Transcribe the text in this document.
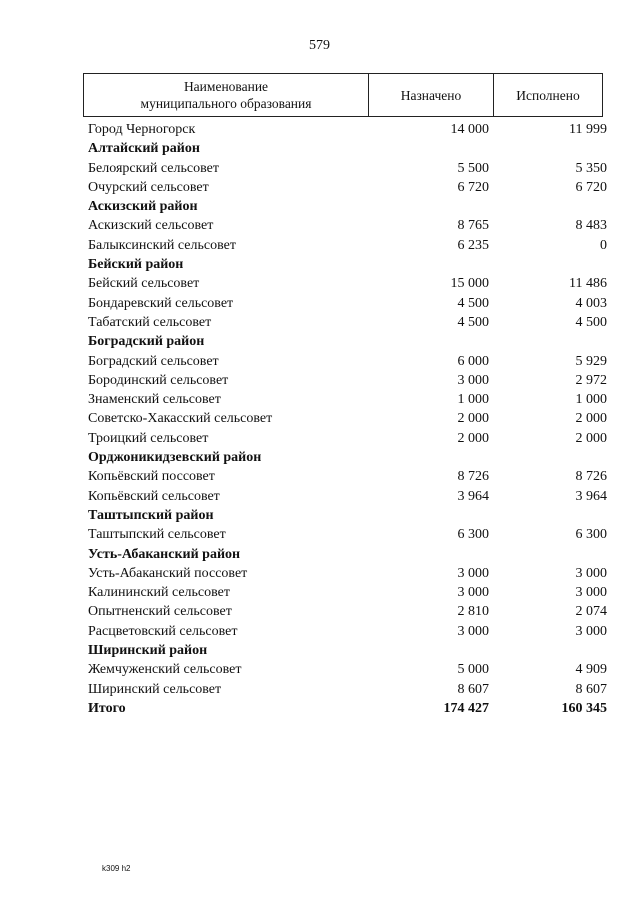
579
Наименование
муниципального образования
Назначено	Исполнено
Город Черногорск	14 000	11 999
Алтайский район
Белоярский сельсовет	5 500	5 350
Очурский сельсовет	6 720	6 720
Аскизский район
Аскизский сельсовет	8 765	8 483
Балыксинский сельсовет	6 235	0
Бейский район
Бейский сельсовет	15 000	11 486
Бондаревский сельсовет	4 500	4 003
Табатский сельсовет	4 500	4 500
Боградский район
Боградский сельсовет	6 000	5 929
Бородинский сельсовет	3 000	2 972
Знаменский сельсовет	1 000	1 000
Советско-Хакасский сельсовет	2 000	2 000
Троицкий сельсовет	2 000	2 000
Орджоникидзевский район
Копьёвский поссовет	8 726	8 726
Копьёвский сельсовет	3 964	3 964
Таштыпский район
Таштыпский сельсовет	6 300	6 300
Усть-Абаканский район
Усть-Абаканский поссовет	3 000	3 000
Калининский сельсовет	3 000	3 000
Опытненский сельсовет	2 810	2 074
Расцветовский сельсовет	3 000	3 000
Ширинский район
Жемчуженский сельсовет	5 000	4 909
Ширинский сельсовет	8 607	8 607
Итого	174 427	160 345
k309 h2
